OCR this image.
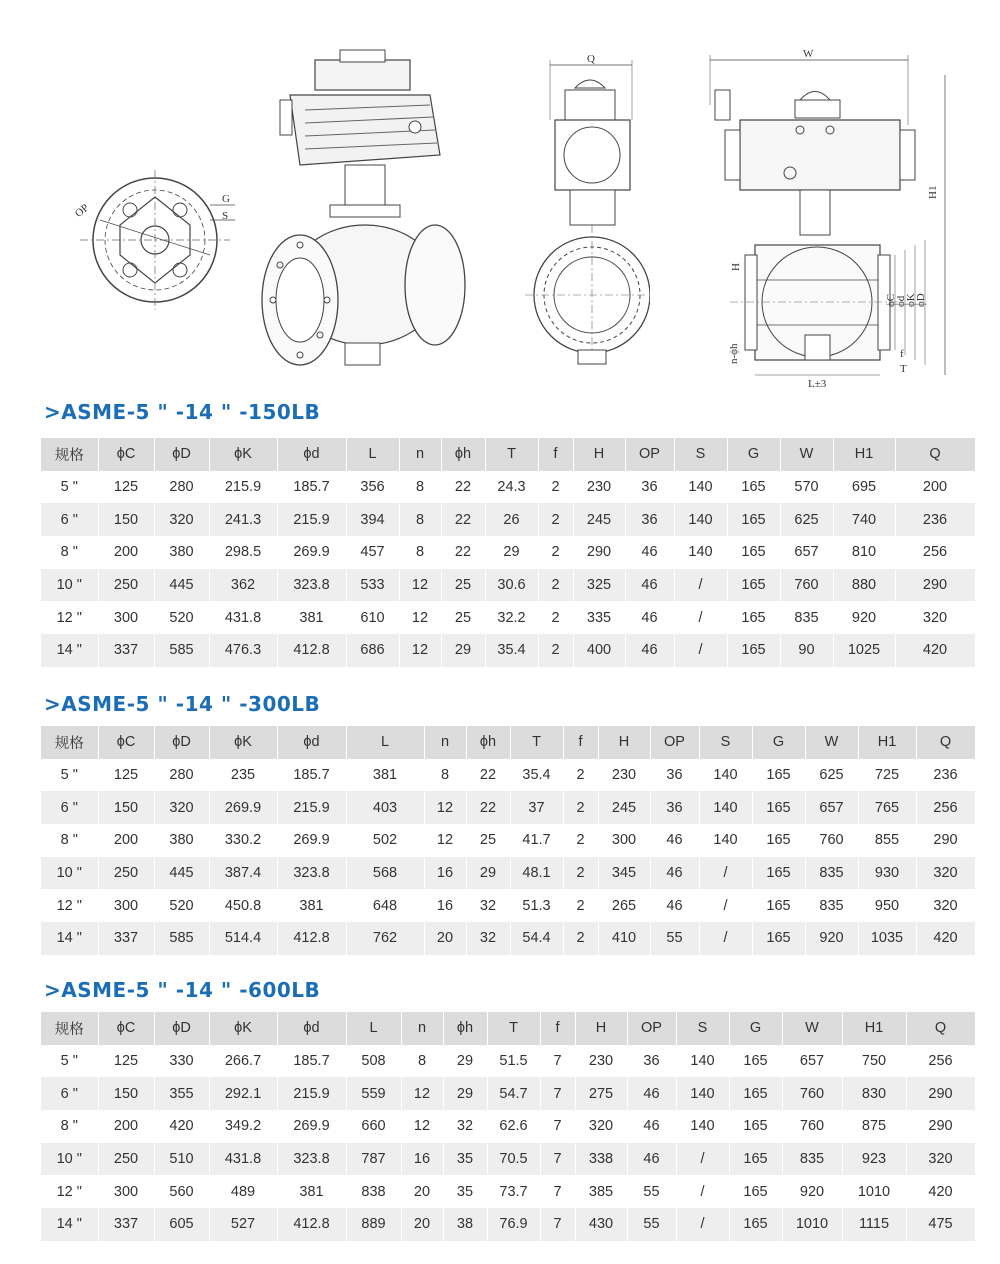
OP
G
S
Q	W
H1
ϕC
ϕd
ϕK
ϕD
H
f
T
L±3
n-ϕh
>ASME-5 " -14 " -150LB
规格	ϕC	ϕD	ϕK	ϕd	L	n	ϕh	T	f	H	OP	S	G	W	H1	Q
5 "	125	280	215.9	185.7	356	8	22	24.3	2	230	36	140	165	570	695	200
6 "	150	320	241.3	215.9	394	8	22	26	2	245	36	140	165	625	740	236
8 "	200	380	298.5	269.9	457	8	22	29	2	290	46	140	165	657	810	256
10 "	250	445	362	323.8	533	12	25	30.6	2	325	46	/	165	760	880	290
12 "	300	520	431.8	381	610	12	25	32.2	2	335	46	/	165	835	920	320
14 "	337	585	476.3	412.8	686	12	29	35.4	2	400	46	/	165	90	1025	420
>ASME-5 " -14 " -300LB
规格	ϕC	ϕD	ϕK	ϕd	L	n	ϕh	T	f	H	OP	S	G	W	H1	Q
5 "	125	280	235	185.7	381	8	22	35.4	2	230	36	140	165	625	725	236
6 "	150	320	269.9	215.9	403	12	22	37	2	245	36	140	165	657	765	256
8 "	200	380	330.2	269.9	502	12	25	41.7	2	300	46	140	165	760	855	290
10 "	250	445	387.4	323.8	568	16	29	48.1	2	345	46	/	165	835	930	320
12 "	300	520	450.8	381	648	16	32	51.3	2	265	46	/	165	835	950	320
14 "	337	585	514.4	412.8	762	20	32	54.4	2	410	55	/	165	920	1035	420
>ASME-5 " -14 " -600LB
规格	ϕC	ϕD	ϕK	ϕd	L	n	ϕh	T	f	H	OP	S	G	W	H1	Q
5 "	125	330	266.7	185.7	508	8	29	51.5	7	230	36	140	165	657	750	256
6 "	150	355	292.1	215.9	559	12	29	54.7	7	275	46	140	165	760	830	290
8 "	200	420	349.2	269.9	660	12	32	62.6	7	320	46	140	165	760	875	290
10 "	250	510	431.8	323.8	787	16	35	70.5	7	338	46	/	165	835	923	320
12 "	300	560	489	381	838	20	35	73.7	7	385	55	/	165	920	1010	420
14 "	337	605	527	412.8	889	20	38	76.9	7	430	55	/	165	1010	1115	475
